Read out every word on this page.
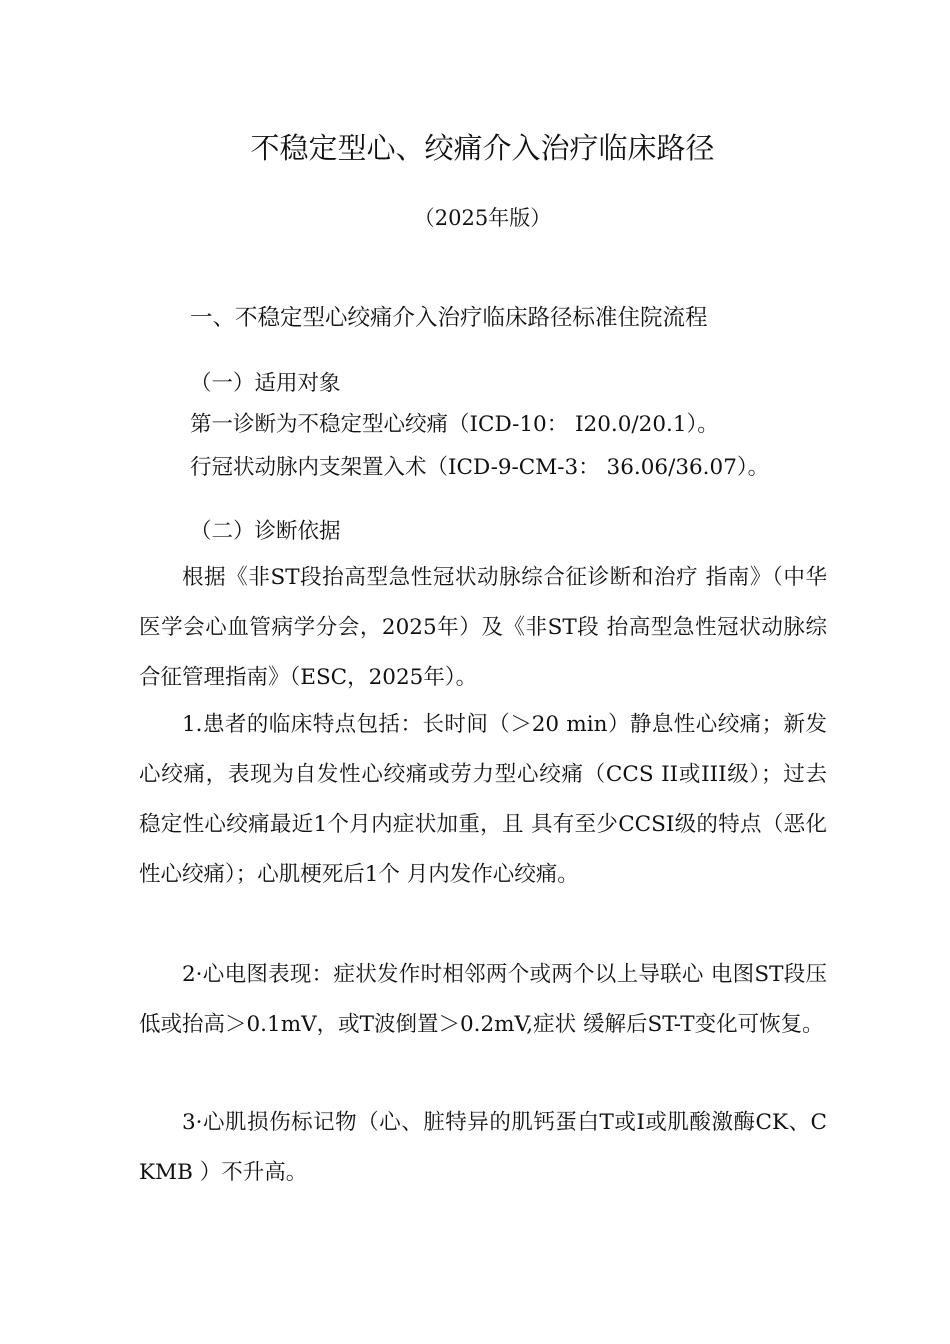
不稳定型心、绞痛介入治疗临床路径
（2025年版）
一、不稳定型心绞痛介入治疗临床路径标准住院流程
（一）适用对象
第一诊断为不稳定型心绞痛（ICD-10： I20.0/20.1）。
行冠状动脉内支架置入术（ICD-9-CM-3： 36.06/36.07）。
（二）诊断依据
根据《非ST段抬高型急性冠状动脉综合征诊断和治疗 指南》（中华医学会心血管病学分会，2025年）及《非ST段 抬高型急性冠状动脉综合征管理指南》（ESC，2025年）。
1.患者的临床特点包括：长时间（＞20 min）静息性心绞痛；新发心绞痛，表现为自发性心绞痛或劳力型心绞痛（CCS II或III级）；过去稳定性心绞痛最近1个月内症状加重，且 具有至少CCSI级的特点（恶化性心绞痛）；心肌梗死后1个 月内发作心绞痛。
2·心电图表现：症状发作时相邻两个或两个以上导联心 电图ST段压低或抬高＞0.1mV，或T波倒置＞0.2mV,症状 缓解后ST-T变化可恢复。
3·心肌损伤标记物（心、脏特异的肌钙蛋白T或I或肌酸激酶CK、CKMB ）不升高。
